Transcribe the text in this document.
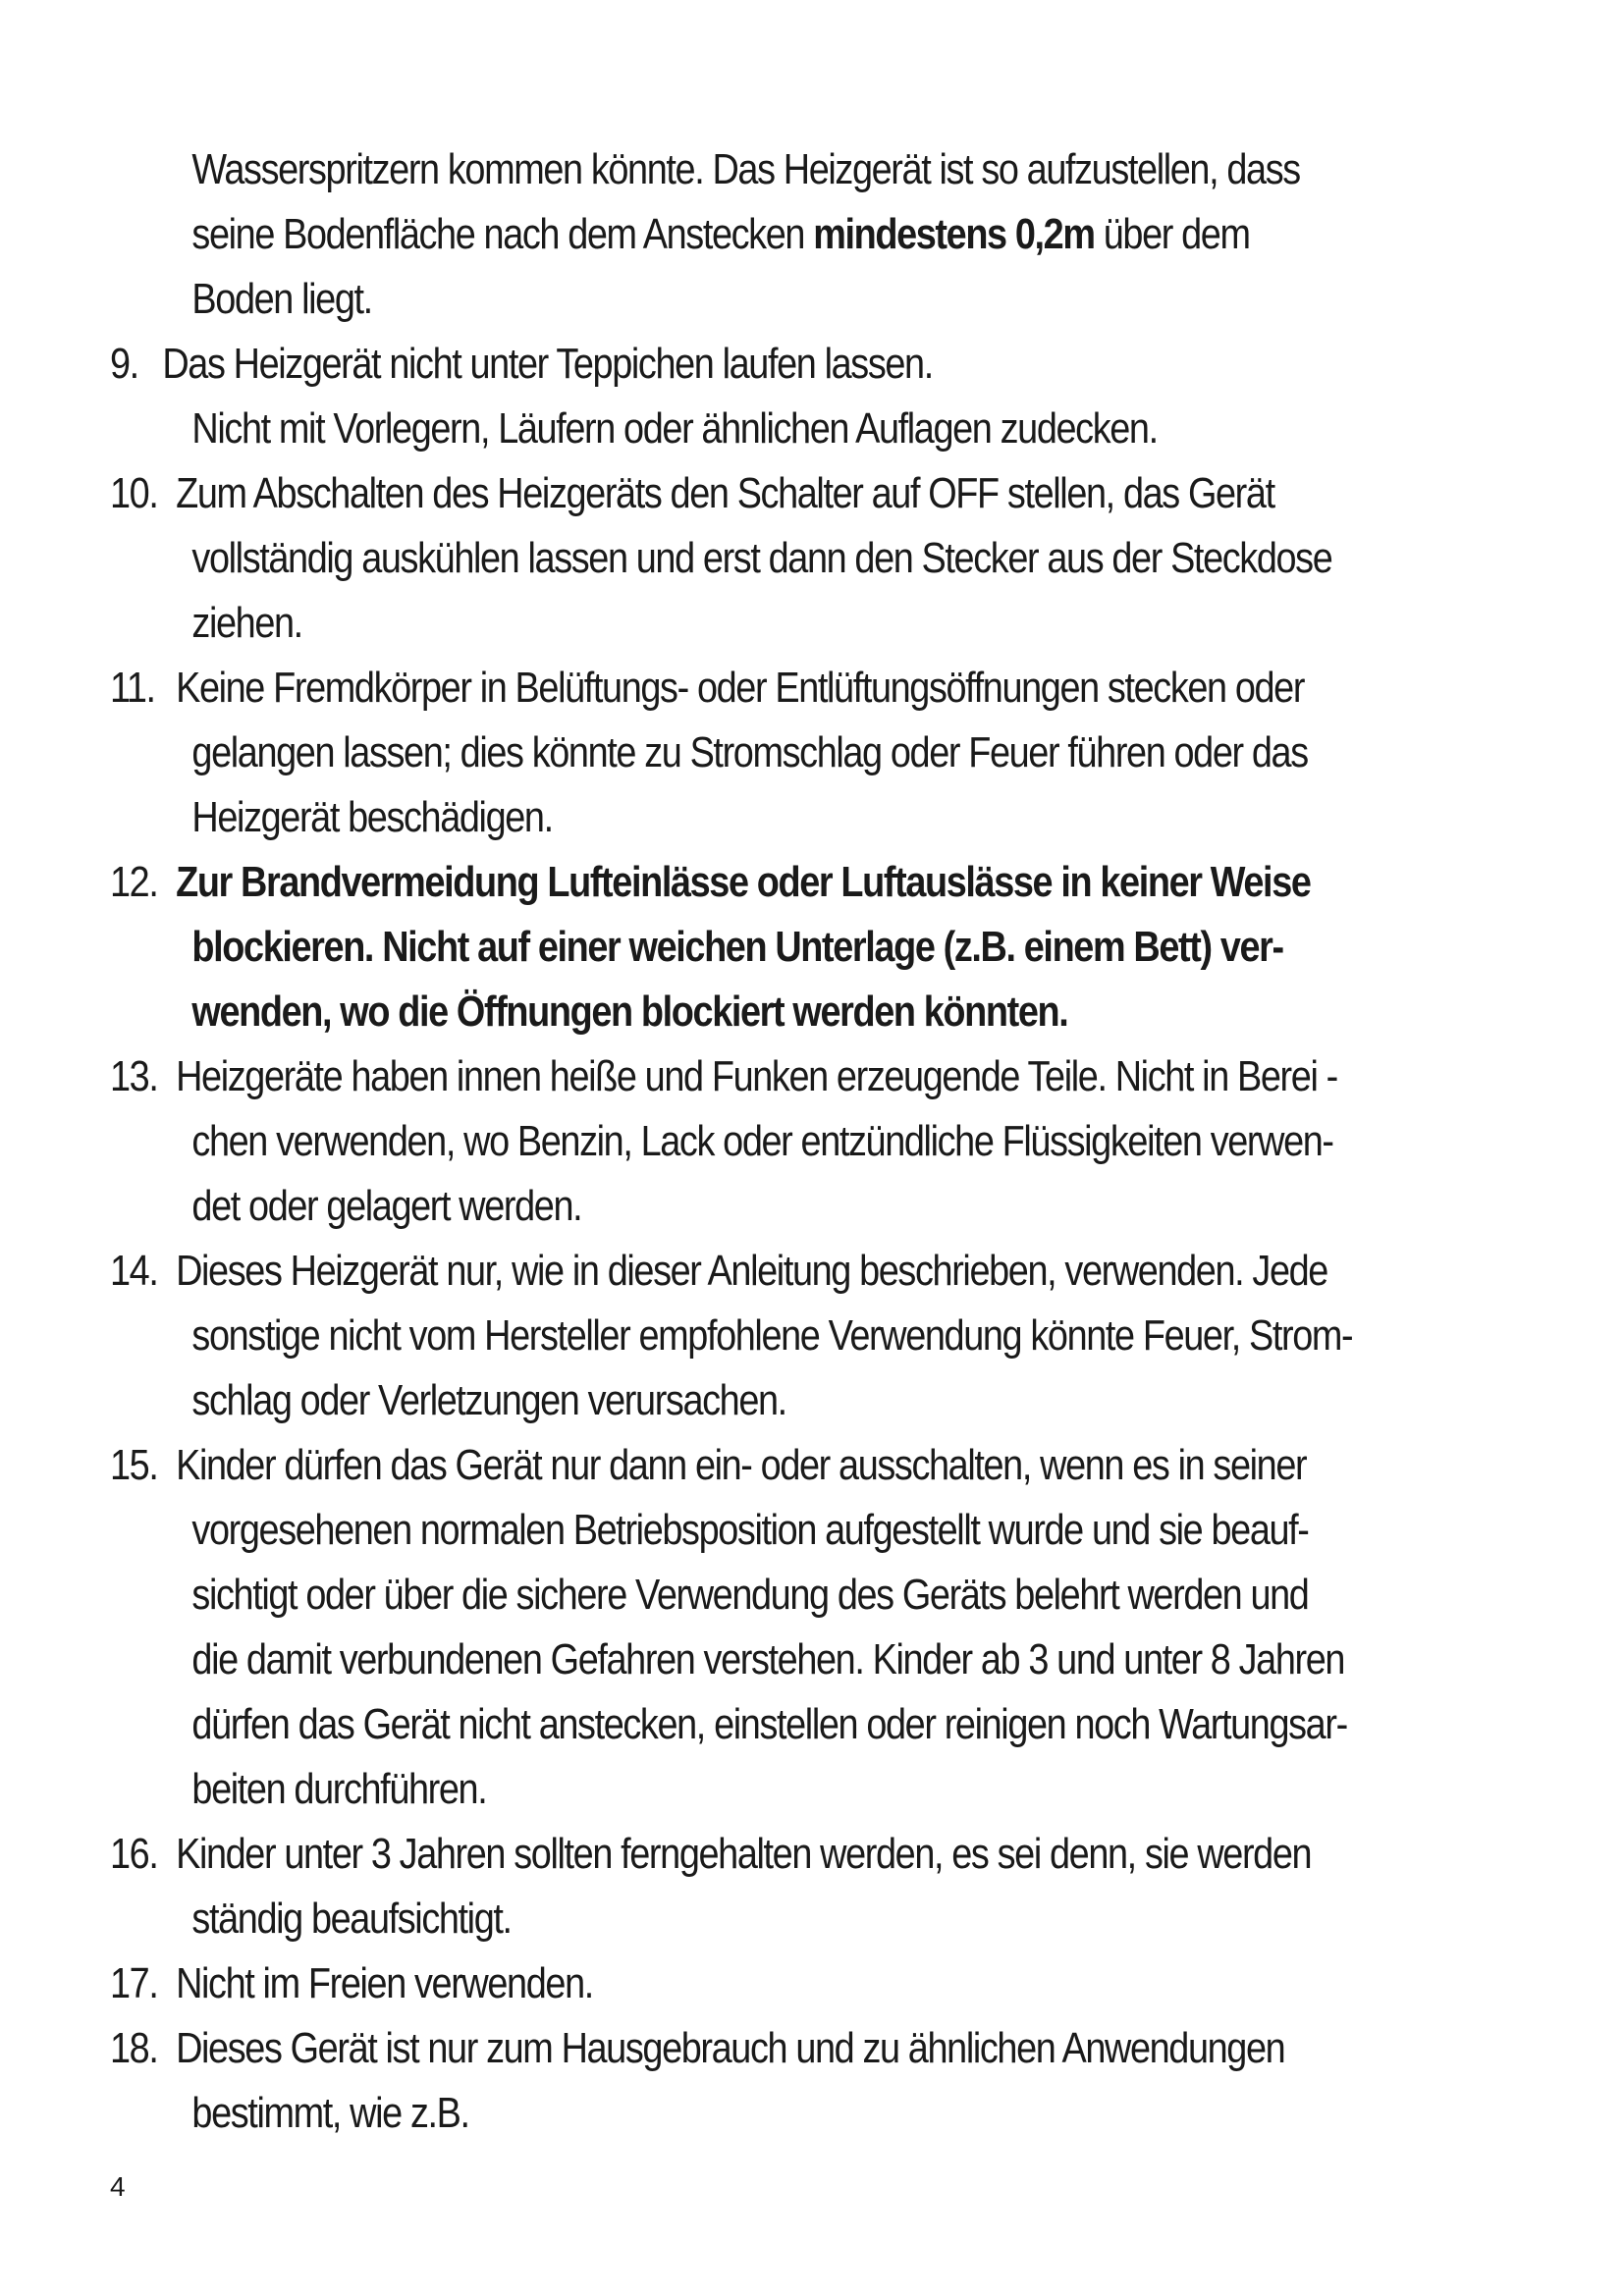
Wasserspritzern kommen könnte. Das Heizgerät ist so aufzustellen, dass
seine Bodenfläche nach dem Anstecken mindestens 0,2m über dem
Boden liegt.
9. Das Heizgerät nicht unter Teppichen laufen lassen.
Nicht mit Vorlegern, Läufern oder ähnlichen Auflagen zudecken.
10. Zum Abschalten des Heizgeräts den Schalter auf OFF stellen, das Gerät
vollständig auskühlen lassen und erst dann den Stecker aus der Steckdose
ziehen.
11. Keine Fremdkörper in Belüftungs- oder Entlüftungsöffnungen stecken oder
gelangen lassen; dies könnte zu Stromschlag oder Feuer führen oder das
Heizgerät beschädigen.
12. Zur Brandvermeidung Lufteinlässe oder Luftauslässe in keiner Weise
blockieren. Nicht auf einer weichen Unterlage (z.B. einem Bett) ver-
wenden, wo die Öffnungen blockiert werden könnten.
13. Heizgeräte haben innen heiße und Funken erzeugende Teile. Nicht in Berei -
chen verwenden, wo Benzin, Lack oder entzündliche Flüssigkeiten verwen-
det oder gelagert werden.
14. Dieses Heizgerät nur, wie in dieser Anleitung beschrieben, verwenden. Jede
sonstige nicht vom Hersteller empfohlene Verwendung könnte Feuer, Strom-
schlag oder Verletzungen verursachen.
15. Kinder dürfen das Gerät nur dann ein- oder ausschalten, wenn es in seiner
vorgesehenen normalen Betriebsposition aufgestellt wurde und sie beauf-
sichtigt oder über die sichere Verwendung des Geräts belehrt werden und
die damit verbundenen Gefahren verstehen. Kinder ab 3 und unter 8 Jahren
dürfen das Gerät nicht anstecken, einstellen oder reinigen noch Wartungsar-
beiten durchführen.
16. Kinder unter 3 Jahren sollten ferngehalten werden, es sei denn, sie werden
ständig beaufsichtigt.
17. Nicht im Freien verwenden.
18. Dieses Gerät ist nur zum Hausgebrauch und zu ähnlichen Anwendungen
bestimmt, wie z.B.
4
